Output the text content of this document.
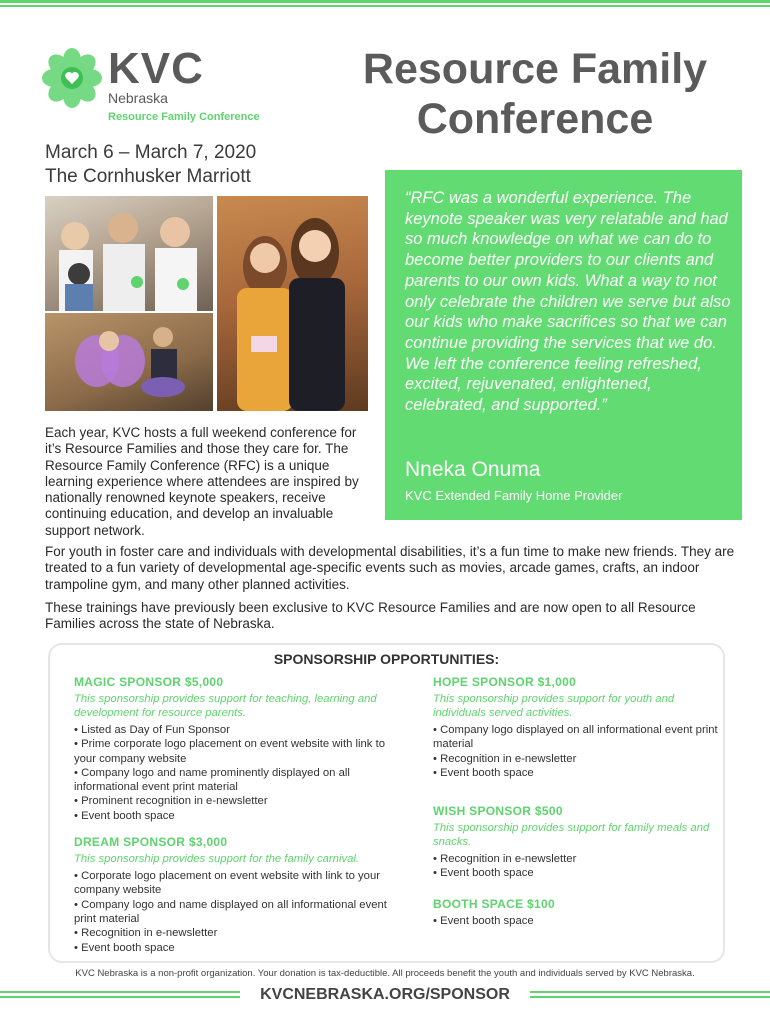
KVC
Nebraska
Resource Family Conference
Resource Family Conference
March 6 – March 7, 2020
The Cornhusker Marriott
“RFC was a wonderful experience. The keynote speaker was very relatable and had so much knowledge on what we can do to become better providers to our clients and parents to our own kids. What a way to not only celebrate the children we serve but also our kids who make sacrifices so that we can continue providing the services that we do. We left the conference feeling refreshed, excited, rejuvenated, enlightened, celebrated, and supported.”
Nneka Onuma
KVC Extended Family Home Provider
Each year, KVC hosts a full weekend conference for it’s Resource Families and those they care for. The Resource Family Conference (RFC) is a unique learning experience where attendees are inspired by nationally renowned keynote speakers, receive continuing education, and develop an invaluable support network.
For youth in foster care and individuals with developmental disabilities, it’s a fun time to make new friends. They are treated to a fun variety of developmental age-specific events such as movies, arcade games, crafts, an indoor trampoline gym, and many other planned activities.
These trainings have previously been exclusive to KVC Resource Families and are now open to all Resource Families across the state of Nebraska.
SPONSORSHIP OPPORTUNITIES:
MAGIC SPONSOR $5,000
This sponsorship provides support for teaching, learning and development for resource parents.
• Listed as Day of Fun Sponsor
• Prime corporate logo placement on event website with link to your company website
• Company logo and name prominently displayed on all informational event print material
• Prominent recognition in e-newsletter
• Event booth space
DREAM SPONSOR $3,000
This sponsorship provides support for the family carnival.
• Corporate logo placement on event website with link to your company website
• Company logo and name displayed on all informational event print material
• Recognition in e-newsletter
• Event booth space
HOPE SPONSOR $1,000
This sponsorship provides support for youth and individuals served activities.
• Company logo displayed on all informational event print material
• Recognition in e-newsletter
• Event booth space
WISH SPONSOR $500
This sponsorship provides support for family meals and snacks.
• Recognition in e-newsletter
• Event booth space
BOOTH SPACE $100
• Event booth space
KVC Nebraska is a non-profit organization. Your donation is tax-deductible. All proceeds benefit the youth and individuals served by KVC Nebraska.
KVCNEBRASKA.ORG/SPONSOR
